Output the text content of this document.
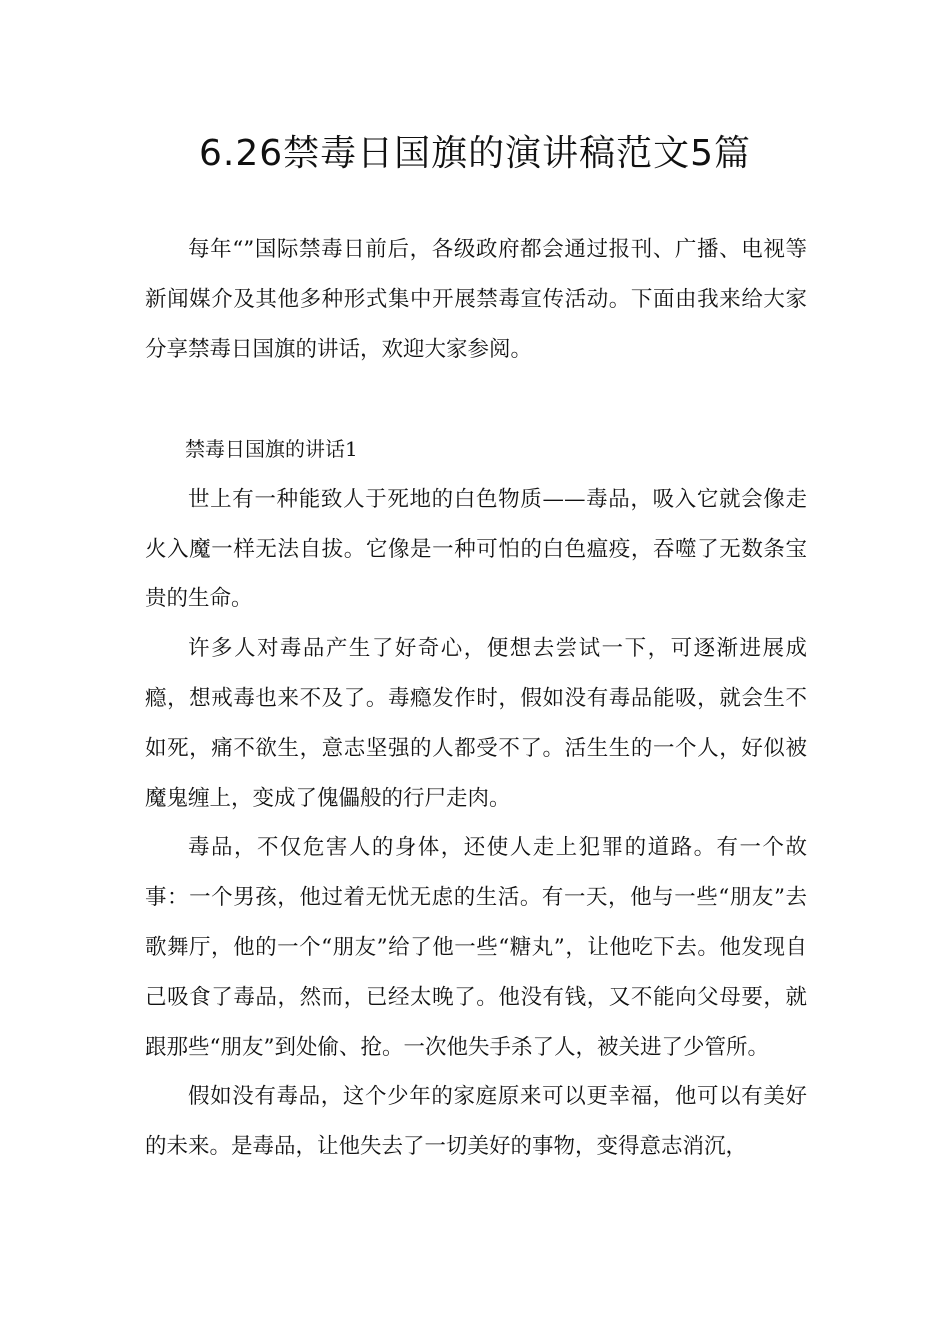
6.26禁毒日国旗的演讲稿范文5篇

每年“”国际禁毒日前后，各级政府都会通过报刊、广播、电视等新闻媒介及其他多种形式集中开展禁毒宣传活动。下面由我来给大家分享禁毒日国旗的讲话，欢迎大家参阅。

禁毒日国旗的讲话1

世上有一种能致人于死地的白色物质——毒品，吸入它就会像走火入魔一样无法自拔。它像是一种可怕的白色瘟疫，吞噬了无数条宝贵的生命。

许多人对毒品产生了好奇心，便想去尝试一下，可逐渐进展成瘾，想戒毒也来不及了。毒瘾发作时，假如没有毒品能吸，就会生不如死，痛不欲生，意志坚强的人都受不了。活生生的一个人，好似被魔鬼缠上，变成了傀儡般的行尸走肉。

毒品，不仅危害人的身体，还使人走上犯罪的道路。有一个故事：一个男孩，他过着无忧无虑的生活。有一天，他与一些“朋友”去歌舞厅，他的一个“朋友”给了他一些“糖丸”，让他吃下去。他发现自己吸食了毒品，然而，已经太晚了。他没有钱，又不能向父母要，就跟那些“朋友”到处偷、抢。一次他失手杀了人，被关进了少管所。

假如没有毒品，这个少年的家庭原来可以更幸福，他可以有美好的未来。是毒品，让他失去了一切美好的事物，变得意志消沉，
